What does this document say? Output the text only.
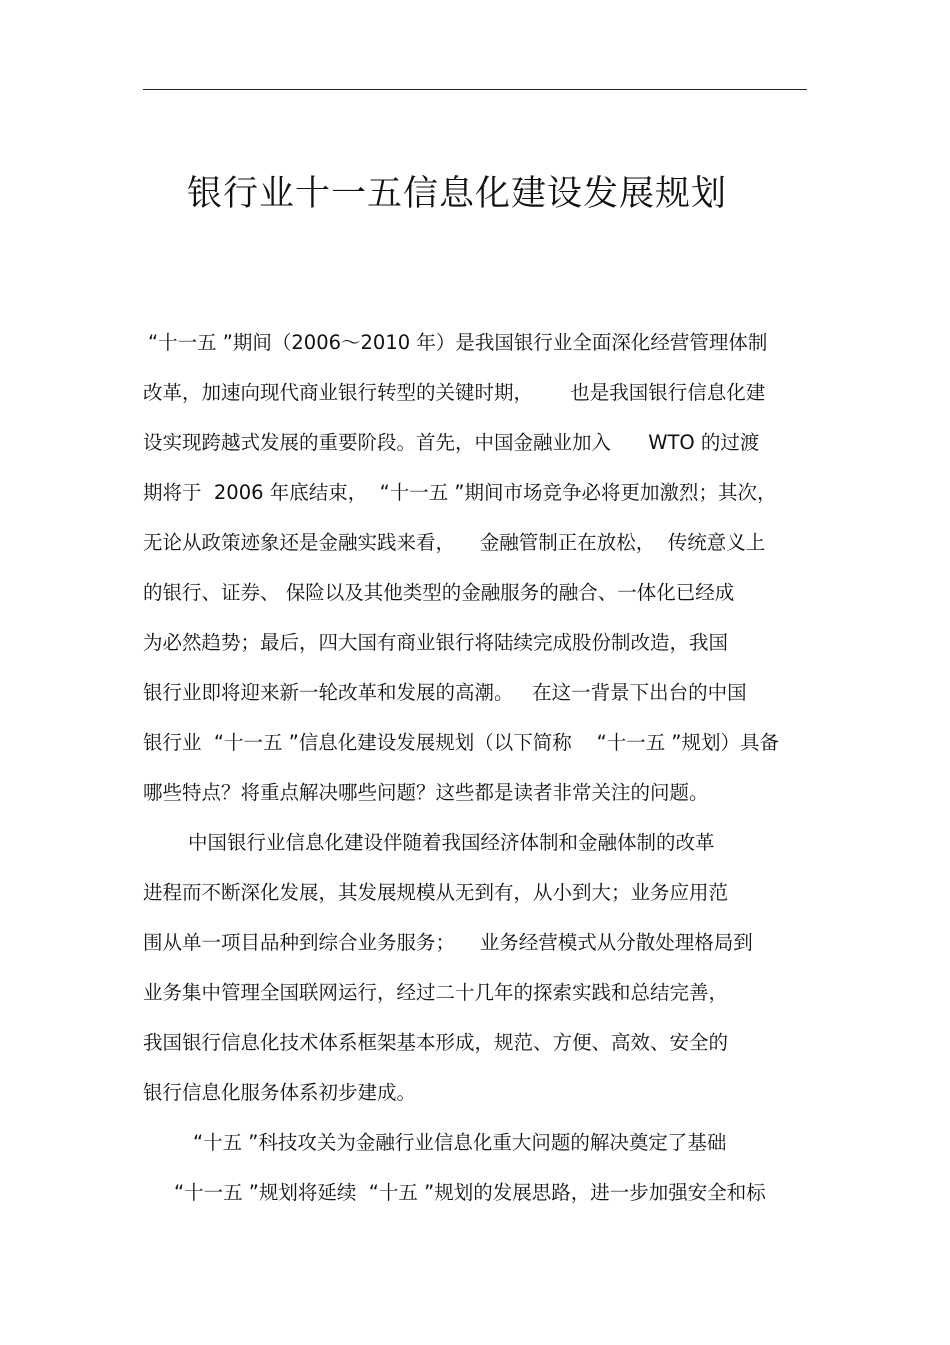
银行业十一五信息化建设发展规划
“十一五 ”期间（2006～2010 年）是我国银行业全面深化经营管理体制
改革，加速向现代商业银行转型的关键时期，      也是我国银行信息化建
设实现跨越式发展的重要阶段。首先，中国金融业加入      WTO 的过渡
期将于  2006 年底结束，  “十一五 ”期间市场竞争必将更加激烈；其次，
无论从政策迹象还是金融实践来看，    金融管制正在放松，  传统意义上
的银行、证券、 保险以及其他类型的金融服务的融合、一体化已经成
为必然趋势；最后，四大国有商业银行将陆续完成股份制改造，我国
银行业即将迎来新一轮改革和发展的高潮。   在这一背景下出台的中国
银行业  “十一五 ”信息化建设发展规划（以下简称    “十一五 ”规划）具备
哪些特点？将重点解决哪些问题？这些都是读者非常关注的问题。
中国银行业信息化建设伴随着我国经济体制和金融体制的改革
进程而不断深化发展，其发展规模从无到有，从小到大；业务应用范
围从单一项目品种到综合业务服务；    业务经营模式从分散处理格局到
业务集中管理全国联网运行，经过二十几年的探索实践和总结完善，
我国银行信息化技术体系框架基本形成，规范、方便、高效、安全的
银行信息化服务体系初步建成。
“十五 ”科技攻关为金融行业信息化重大问题的解决奠定了基础
“十一五 ”规划将延续  “十五 ”规划的发展思路，进一步加强安全和标
